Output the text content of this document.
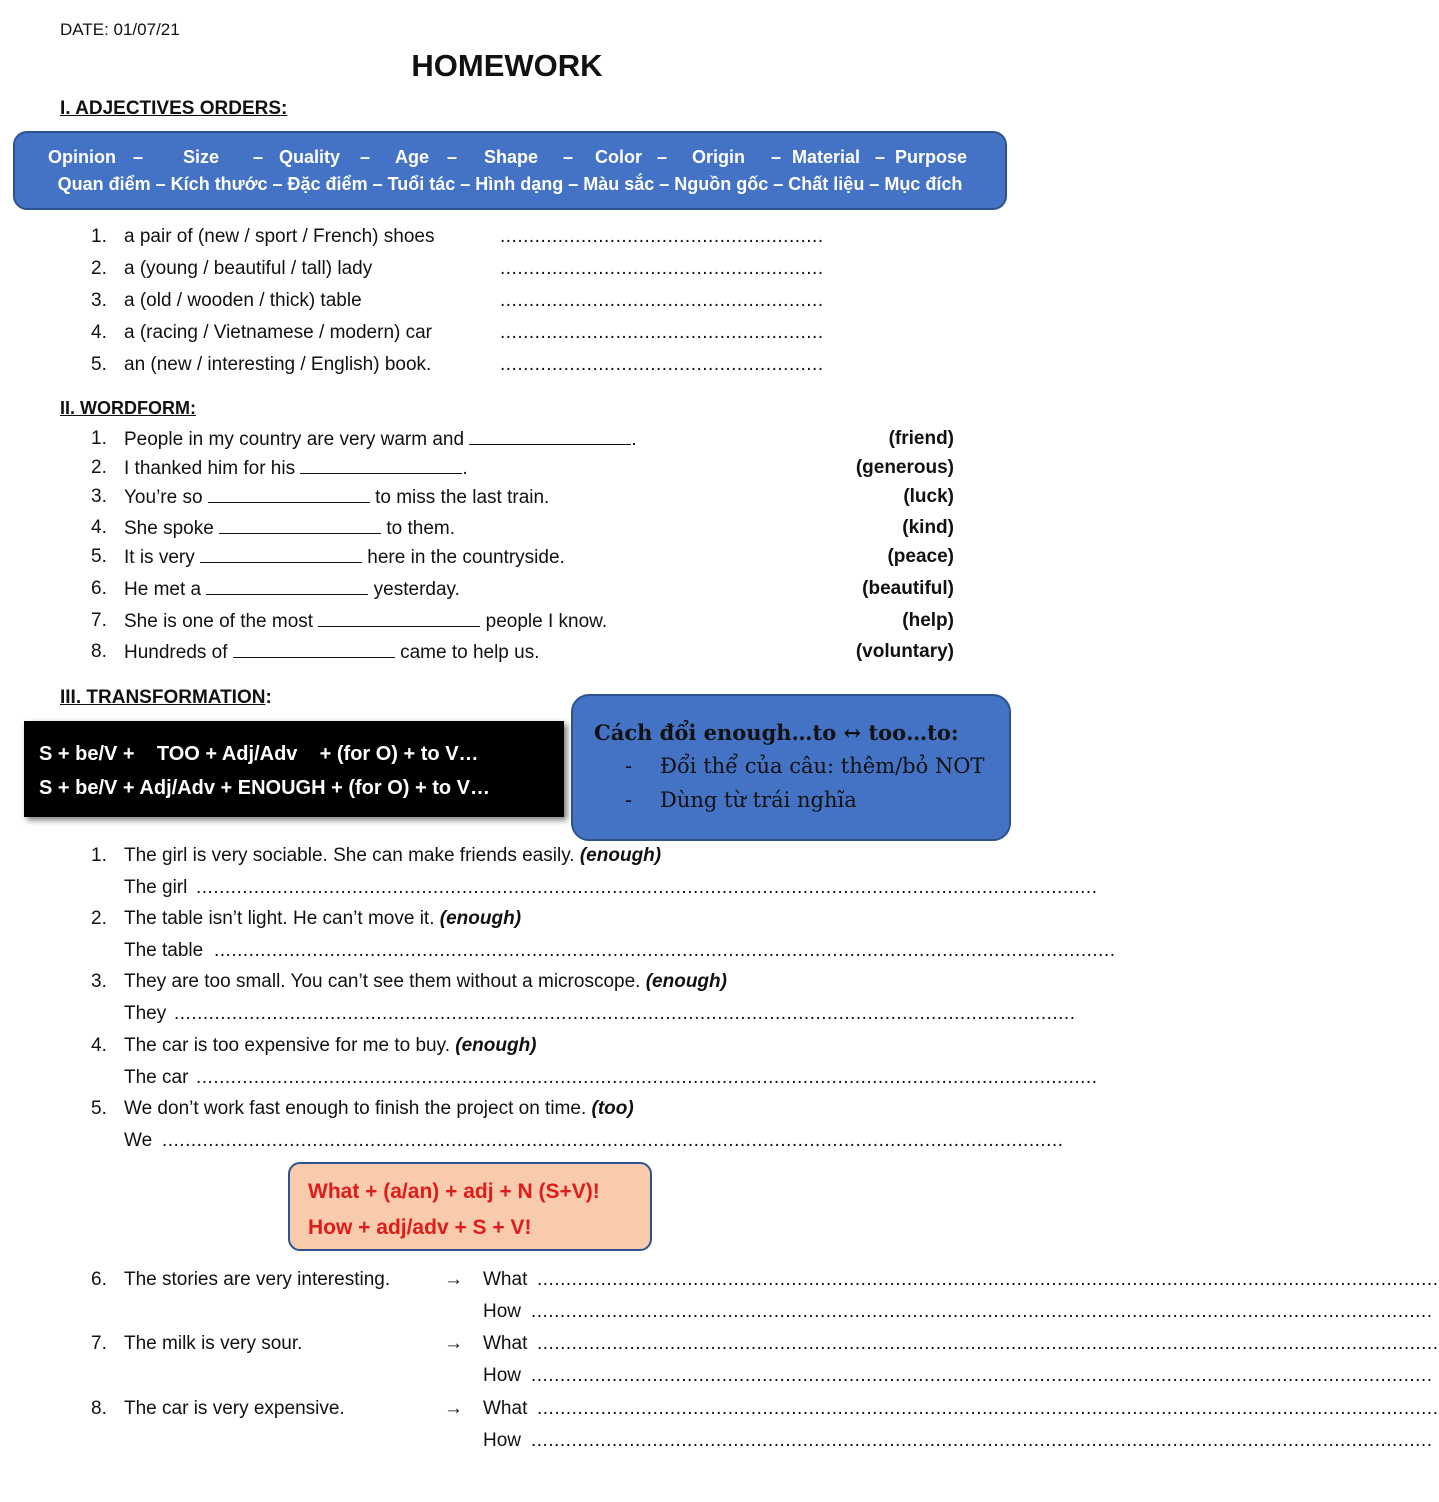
DATE: 01/07/21
HOMEWORK
I. ADJECTIVES ORDERS:
Opinion – Size – Quality – Age – Shape – Color – Origin – Material – Purpose
Quan điểm – Kích thước – Đặc điểm – Tuổi tác – Hình dạng – Màu sắc – Nguồn gốc – Chất liệu – Mục đích
1. a pair of (new / sport / French) shoes	........................................................
2. a (young / beautiful / tall) lady	........................................................
3. a (old / wooden / thick) table	........................................................
4. a (racing / Vietnamese / modern) car	........................................................
5. an (new / interesting / English) book.	........................................................
II. WORDFORM:
1. People in my country are very warm and	.	(friend)
2. I thanked him for his	.	(generous)
3. You’re so	to miss the last train.	(luck)
4. She spoke	to them.	(kind)
5. It is very	here in the countryside.	(peace)
6. He met a	yesterday.	(beautiful)
7. She is one of the most	people I know.	(help)
8. Hundreds of	came to help us.	(voluntary)
III. TRANSFORMATION:
S + be/V +    TOO + Adj/Adv    + (for O) + to V…
S + be/V + Adj/Adv + ENOUGH + (for O) + to V…
Cách đổi enough…to ↔ too…to:
- Đổi thể của câu: thêm/bỏ NOT
- Dùng từ trái nghĩa
1. The girl is very sociable. She can make friends easily. (enough)
The girl ............................................................................................................................................................
2. The table isn’t light. He can’t move it. (enough)
The table ............................................................................................................................................................
3. They are too small. You can’t see them without a microscope. (enough)
They ............................................................................................................................................................
4. The car is too expensive for me to buy. (enough)
The car ............................................................................................................................................................
5. We don’t work fast enough to finish the project on time. (too)
We ............................................................................................................................................................
What + (a/an) + adj + N (S+V)!
How + adj/adv + S + V!
6. The stories are very interesting.	→ What ............................................................................................................................................................
How ............................................................................................................................................................
7. The milk is very sour.	→ What ............................................................................................................................................................
How ............................................................................................................................................................
8. The car is very expensive.	→ What ............................................................................................................................................................
How ............................................................................................................................................................
